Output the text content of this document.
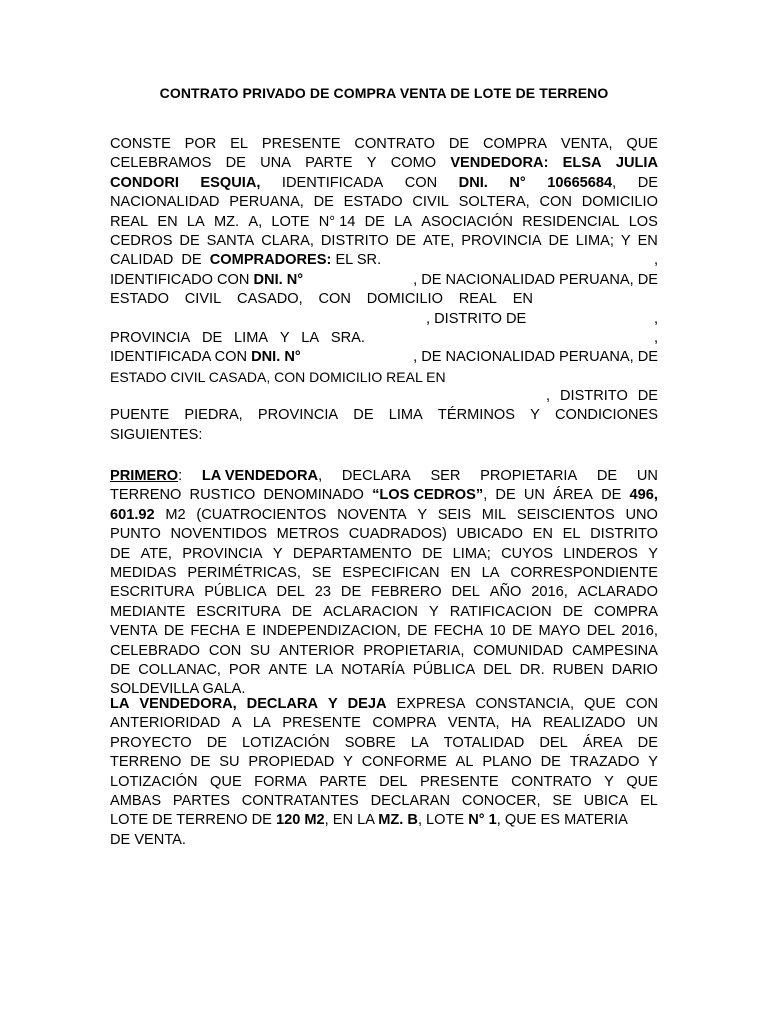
CONTRATO PRIVADO DE COMPRA VENTA DE LOTE DE TERRENO
CONSTE POR EL PRESENTE CONTRATO DE COMPRA VENTA, QUE
CELEBRAMOS DE UNA PARTE Y COMO VENDEDORA: ELSA JULIA
CONDORI ESQUIA, IDENTIFICADA CON DNI. N° 10665684, DE
NACIONALIDAD PERUANA, DE ESTADO CIVIL SOLTERA, CON DOMICILIO
REAL EN LA MZ. A, LOTE N° 14 DE LA ASOCIACIÓN RESIDENCIAL LOS
CEDROS DE SANTA CLARA, DISTRITO DE ATE, PROVINCIA DE LIMA; Y EN
CALIDAD DE COMPRADORES: EL SR.	,
IDENTIFICADO CON DNI. N°	, DE NACIONALIDAD PERUANA, DE
ESTADO CIVIL CASADO, CON DOMICILIO REAL EN
, DISTRITO DE	,
PROVINCIA DE LIMA Y LA SRA.	,
IDENTIFICADA CON DNI. N°	, DE NACIONALIDAD PERUANA, DE
ESTADO CIVIL CASADA, CON DOMICILIO REAL EN
, DISTRITO DE
PUENTE PIEDRA, PROVINCIA DE LIMA TÉRMINOS Y CONDICIONES
SIGUIENTES:
PRIMERO: LA VENDEDORA, DECLARA SER PROPIETARIA DE UN
TERRENO RUSTICO DENOMINADO “LOS CEDROS”, DE UN ÁREA DE 496,
601.92 M2 (CUATROCIENTOS NOVENTA Y SEIS MIL SEISCIENTOS UNO
PUNTO NOVENTIDOS METROS CUADRADOS) UBICADO EN EL DISTRITO
DE ATE, PROVINCIA Y DEPARTAMENTO DE LIMA; CUYOS LINDEROS Y
MEDIDAS PERIMÉTRICAS, SE ESPECIFICAN EN LA CORRESPONDIENTE
ESCRITURA PÚBLICA DEL 23 DE FEBRERO DEL AÑO 2016, ACLARADO
MEDIANTE ESCRITURA DE ACLARACION Y RATIFICACION DE COMPRA
VENTA DE FECHA E INDEPENDIZACION, DE FECHA 10 DE MAYO DEL 2016,
CELEBRADO CON SU ANTERIOR PROPIETARIA, COMUNIDAD CAMPESINA
DE COLLANAC, POR ANTE LA NOTARÍA PÚBLICA DEL DR. RUBEN DARIO
SOLDEVILLA GALA.
LA VENDEDORA, DECLARA Y DEJA EXPRESA CONSTANCIA, QUE CON
ANTERIORIDAD A LA PRESENTE COMPRA VENTA, HA REALIZADO UN
PROYECTO DE LOTIZACIÓN SOBRE LA TOTALIDAD DEL ÁREA DE
TERRENO DE SU PROPIEDAD Y CONFORME AL PLANO DE TRAZADO Y
LOTIZACIÓN QUE FORMA PARTE DEL PRESENTE CONTRATO Y QUE
AMBAS PARTES CONTRATANTES DECLARAN CONOCER, SE UBICA EL
LOTE DE TERRENO DE 120 M2, EN LA MZ. B, LOTE N° 1, QUE ES MATERIA
DE VENTA.
